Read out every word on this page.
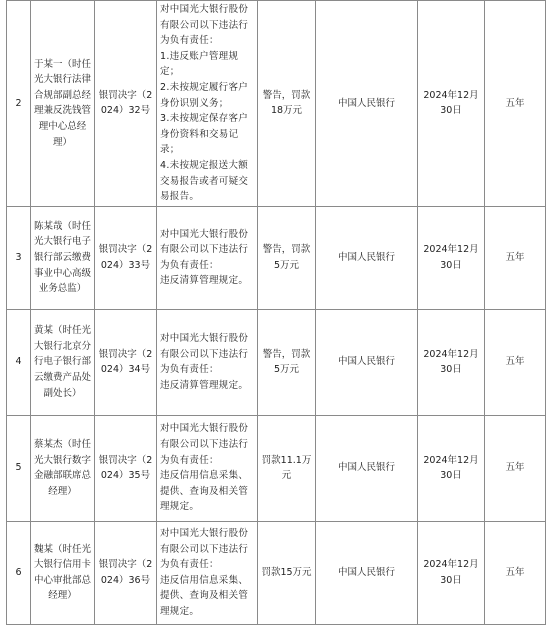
2	于某一（时任光大银行法律合规部副总经理兼反洗钱管理中心总经理）	银罚决字（2024）32号	对中国光大银行股份有限公司以下违法行为负有责任：
1.违反账户管理规定；
2.未按规定履行客户身份识别义务；
3.未按规定保存客户身份资料和交易记录；
4.未按规定报送大额交易报告或者可疑交易报告。	警告，罚款18万元	中国人民银行	2024年12月30日	五年
3	陈某哉（时任光大银行电子银行部云缴费事业中心高级业务总监）	银罚决字（2024）33号	对中国光大银行股份有限公司以下违法行为负有责任：
违反清算管理规定。	警告，罚款5万元	中国人民银行	2024年12月30日	五年
4	黄某（时任光大银行北京分行电子银行部云缴费产品处副处长）	银罚决字（2024）34号	对中国光大银行股份有限公司以下违法行为负有责任：
违反清算管理规定。	警告，罚款5万元	中国人民银行	2024年12月30日	五年
5	蔡某杰（时任光大银行数字金融部联席总经理）	银罚决字（2024）35号	对中国光大银行股份有限公司以下违法行为负有责任：
违反信用信息采集、提供、查询及相关管理规定。	罚款11.1万元	中国人民银行	2024年12月30日	五年
6	魏某（时任光大银行信用卡中心审批部总经理）	银罚决字（2024）36号	对中国光大银行股份有限公司以下违法行为负有责任：
违反信用信息采集、提供、查询及相关管理规定。	罚款15万元	中国人民银行	2024年12月30日	五年
